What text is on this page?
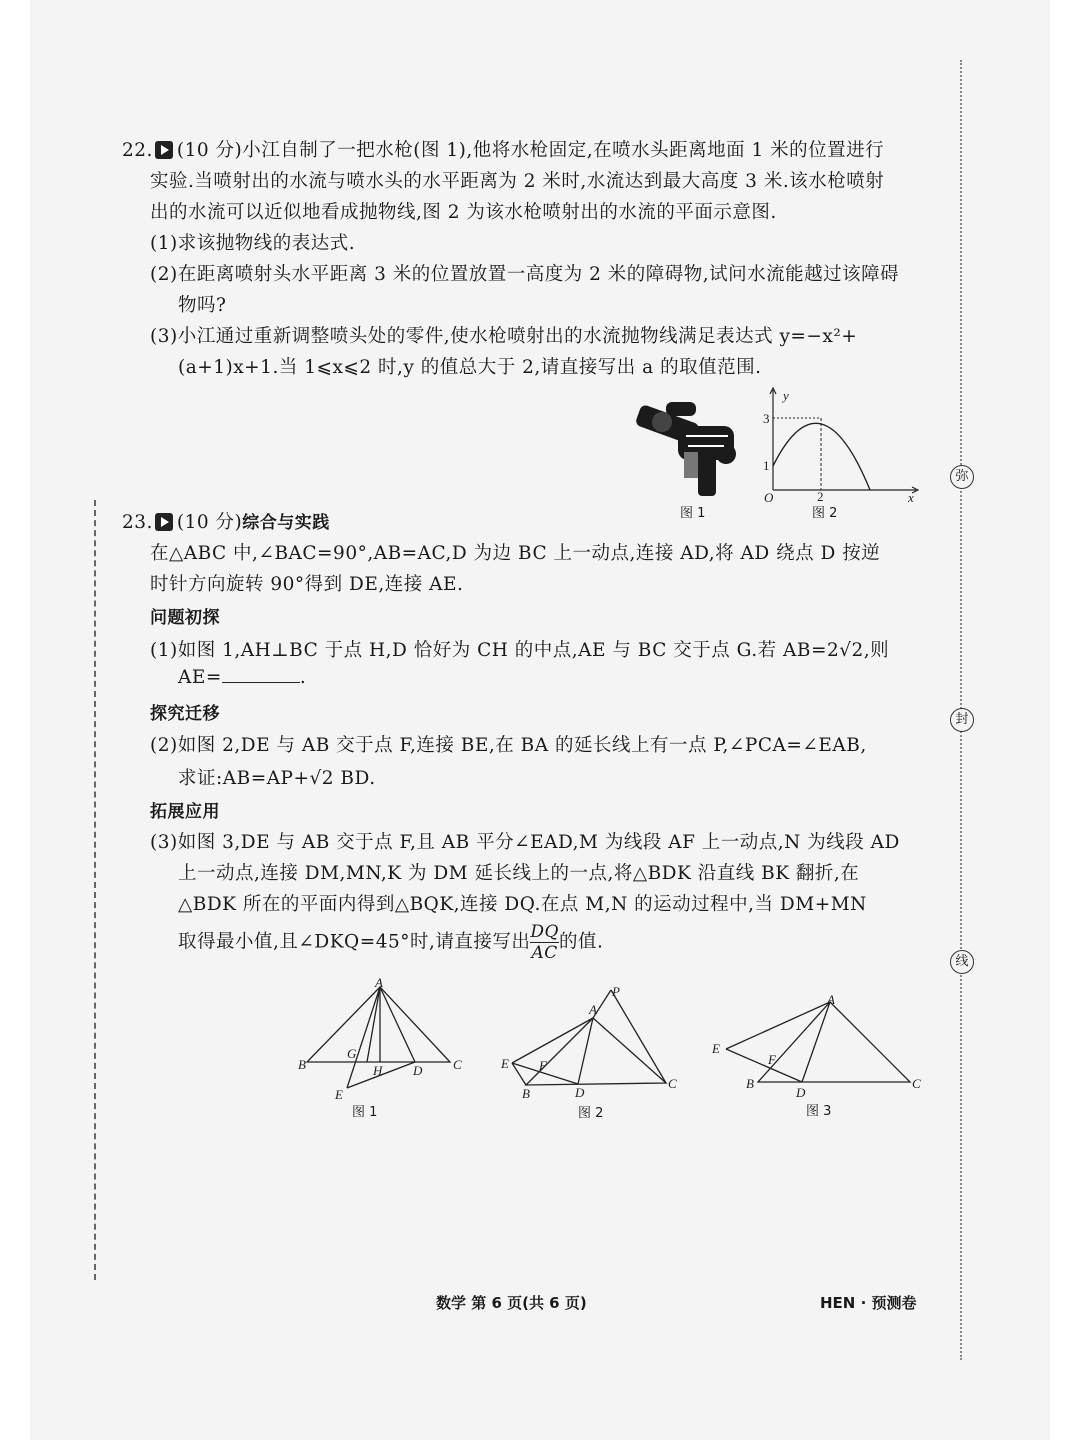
弥
封
线
22. (10 分)小江自制了一把水枪(图 1),他将水枪固定,在喷水头距离地面 1 米的位置进行
实验.当喷射出的水流与喷水头的水平距离为 2 米时,水流达到最大高度 3 米.该水枪喷射
出的水流可以近似地看成抛物线,图 2 为该水枪喷射出的水流的平面示意图.
(1)求该抛物线的表达式.
(2)在距离喷射头水平距离 3 米的位置放置一高度为 2 米的障碍物,试问水流能越过该障碍
物吗?
(3)小江通过重新调整喷头处的零件,使水枪喷射出的水流抛物线满足表达式 y=−x²+
(a+1)x+1.当 1⩽x⩽2 时,y 的值总大于 2,请直接写出 a 的取值范围.
图 1
y
x
O
3
1
2
图 2
23. (10 分)综合与实践
在△ABC 中,∠BAC=90°,AB=AC,D 为边 BC 上一动点,连接 AD,将 AD 绕点 D 按逆
时针方向旋转 90°得到 DE,连接 AE.
问题初探
(1)如图 1,AH⊥BC 于点 H,D 恰好为 CH 的中点,AE 与 BC 交于点 G.若 AB=2√2,则
AE=	.
探究迁移
(2)如图 2,DE 与 AB 交于点 F,连接 BE,在 BA 的延长线上有一点 P,∠PCA=∠EAB,
求证:AB=AP+√2 BD.
拓展应用
(3)如图 3,DE 与 AB 交于点 F,且 AB 平分∠EAD,M 为线段 AF 上一动点,N 为线段 AD
上一动点,连接 DM,MN,K 为 DM 延长线上的一点,将△BDK 沿直线 BK 翻折,在
△BDK 所在的平面内得到△BQK,连接 DQ.在点 M,N 的运动过程中,当 DM+MN
取得最小值,且∠DKQ=45°时,请直接写出 $\frac{DQ}{AC}$ 的值.
A
B	C
G
H D
E
图 1
P
A
E F
B	D
C
图 2
A
E
F
B
D
C
图 3
数学 第 6 页(共 6 页)	HEN · 预测卷
